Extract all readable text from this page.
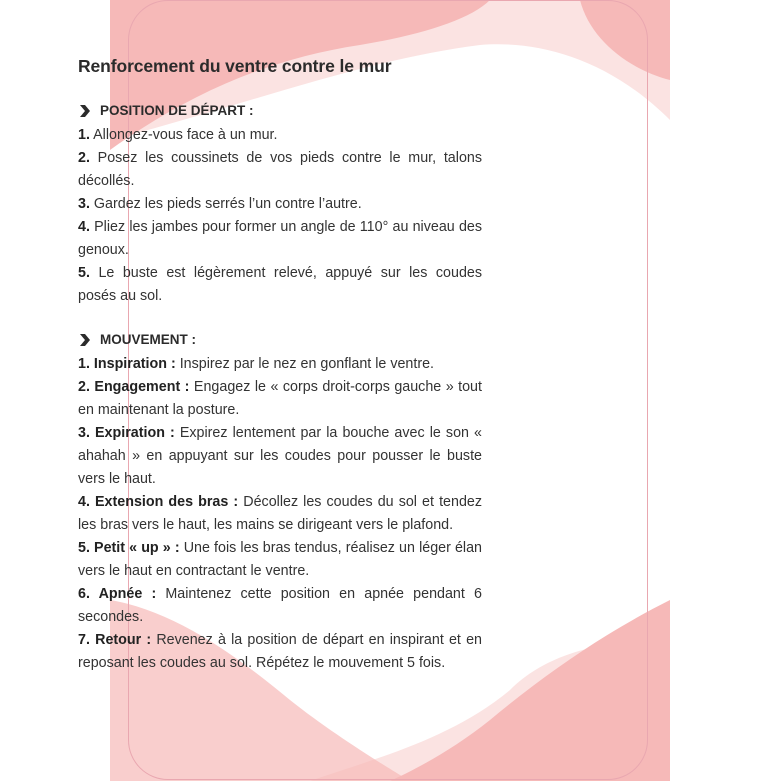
Renforcement du ventre contre le mur
POSITION DE DÉPART :

1. Allongez-vous face à un mur.

2. Posez les coussinets de vos pieds contre le mur, talons décollés.

3. Gardez les pieds serrés l’un contre l’autre.

4. Pliez les jambes pour former un angle de 110° au niveau des genoux.

5. Le buste est légèrement relevé, appuyé sur les coudes posés au sol.

MOUVEMENT :

1. Inspiration : Inspirez par le nez en gonflant le ventre.

2. Engagement : Engagez le « corps droit-corps gauche » tout en maintenant la posture.

3. Expiration : Expirez lentement par la bouche avec le son « ahahah » en appuyant sur les coudes pour pousser le buste vers le haut.

4. Extension des bras : Décollez les coudes du sol et tendez les bras vers le haut, les mains se dirigeant vers le plafond.

5. Petit « up » : Une fois les bras tendus, réalisez un léger élan vers le haut en contractant le ventre.

6. Apnée : Maintenez cette position en apnée pendant 6 secondes.

7. Retour : Revenez à la position de départ en inspirant et en reposant les coudes au sol. Répétez le mouvement 5 fois.
